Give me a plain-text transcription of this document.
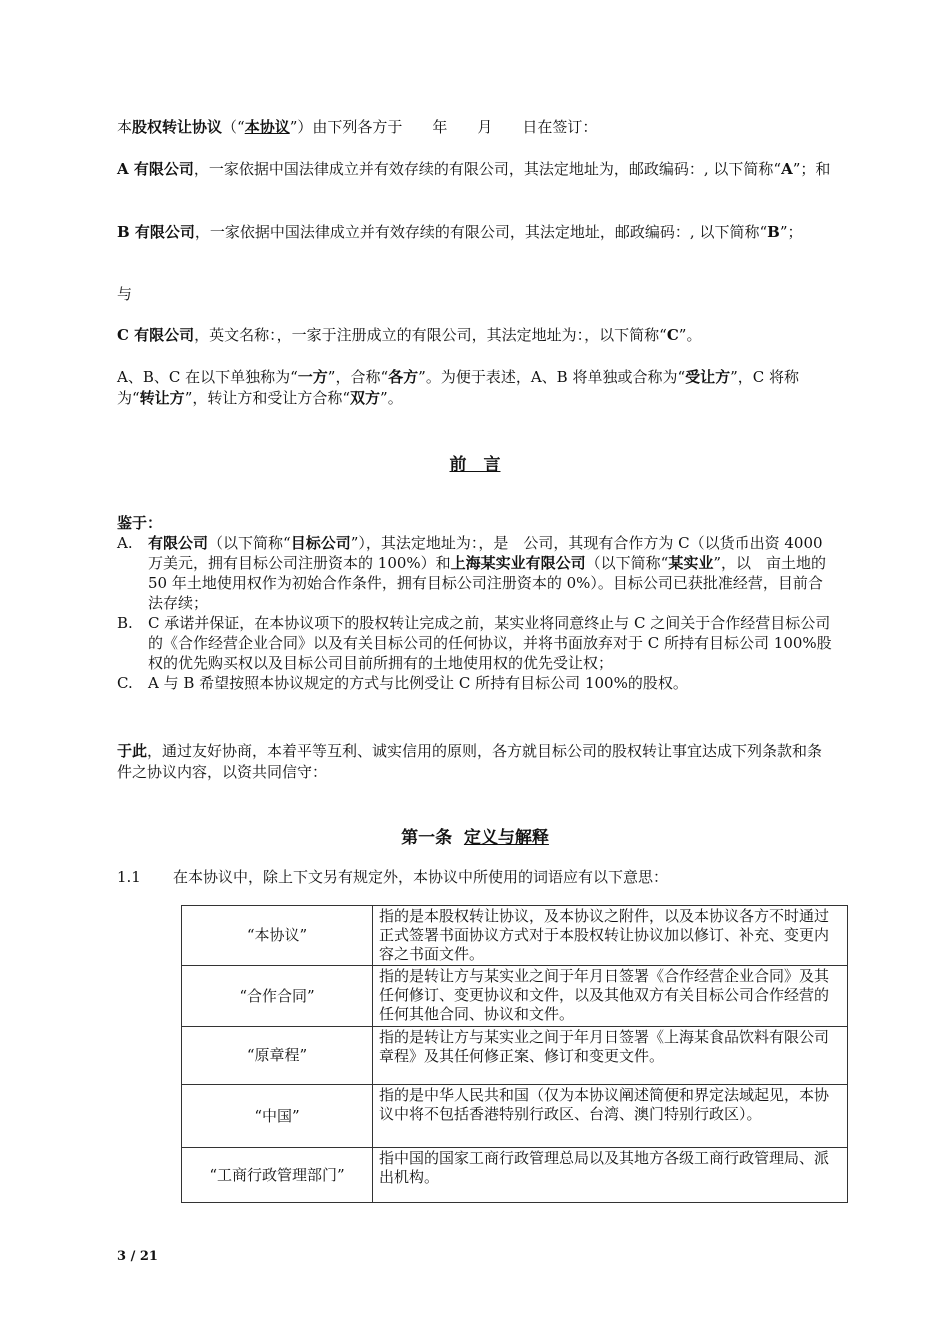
本股权转让协议（“本协议”）由下列各方于　　年　　月　　日在签订：

A 有限公司，一家依据中国法律成立并有效存续的有限公司，其法定地址为，邮政编码：, 以下简称“A”；和

B 有限公司，一家依据中国法律成立并有效存续的有限公司，其法定地址，邮政编码：, 以下简称“B”；

与

C 有限公司，英文名称：，一家于注册成立的有限公司，其法定地址为：，以下简称“C”。

A、B、C 在以下单独称为“一方”，合称“各方”。为便于表述，A、B 将单独或合称为“受让方”，C 将称为“转让方”，转让方和受让方合称“双方”。

前　言

鉴于：

A.	有限公司（以下简称“目标公司”），其法定地址为：，是　公司，其现有合作方为 C（以货币出资 4000 万美元，拥有目标公司注册资本的 100%）和上海某实业有限公司（以下简称“某实业”，以　亩土地的 50 年土地使用权作为初始合作条件，拥有目标公司注册资本的 0%）。目标公司已获批准经营，目前合法存续；
B.	C 承诺并保证，在本协议项下的股权转让完成之前，某实业将同意终止与 C 之间关于合作经营目标公司的《合作经营企业合同》以及有关目标公司的任何协议，并将书面放弃对于 C 所持有目标公司 100%股权的优先购买权以及目标公司目前所拥有的土地使用权的优先受让权；
C.	A 与 B 希望按照本协议规定的方式与比例受让 C 所持有目标公司 100%的股权。

于此，通过友好协商，本着平等互利、诚实信用的原则，各方就目标公司的股权转让事宜达成下列条款和条件之协议内容，以资共同信守：

第一条 定义与解释
1.1	在本协议中，除上下文另有规定外，本协议中所使用的词语应有以下意思：
“本协议”	指的是本股权转让协议，及本协议之附件，以及本协议各方不时通过正式签署书面协议方式对于本股权转让协议加以修订、补充、变更内容之书面文件。
“合作合同”	指的是转让方与某实业之间于年月日签署《合作经营企业合同》及其任何修订、变更协议和文件，以及其他双方有关目标公司合作经营的任何其他合同、协议和文件。
“原章程”	指的是转让方与某实业之间于年月日签署《上海某食品饮料有限公司章程》及其任何修正案、修订和变更文件。
“中国”	指的是中华人民共和国（仅为本协议阐述简便和界定法域起见，本协议中将不包括香港特别行政区、台湾、澳门特别行政区）。
“工商行政管理部门”	指中国的国家工商行政管理总局以及其地方各级工商行政管理局、派出机构。
3 / 21
